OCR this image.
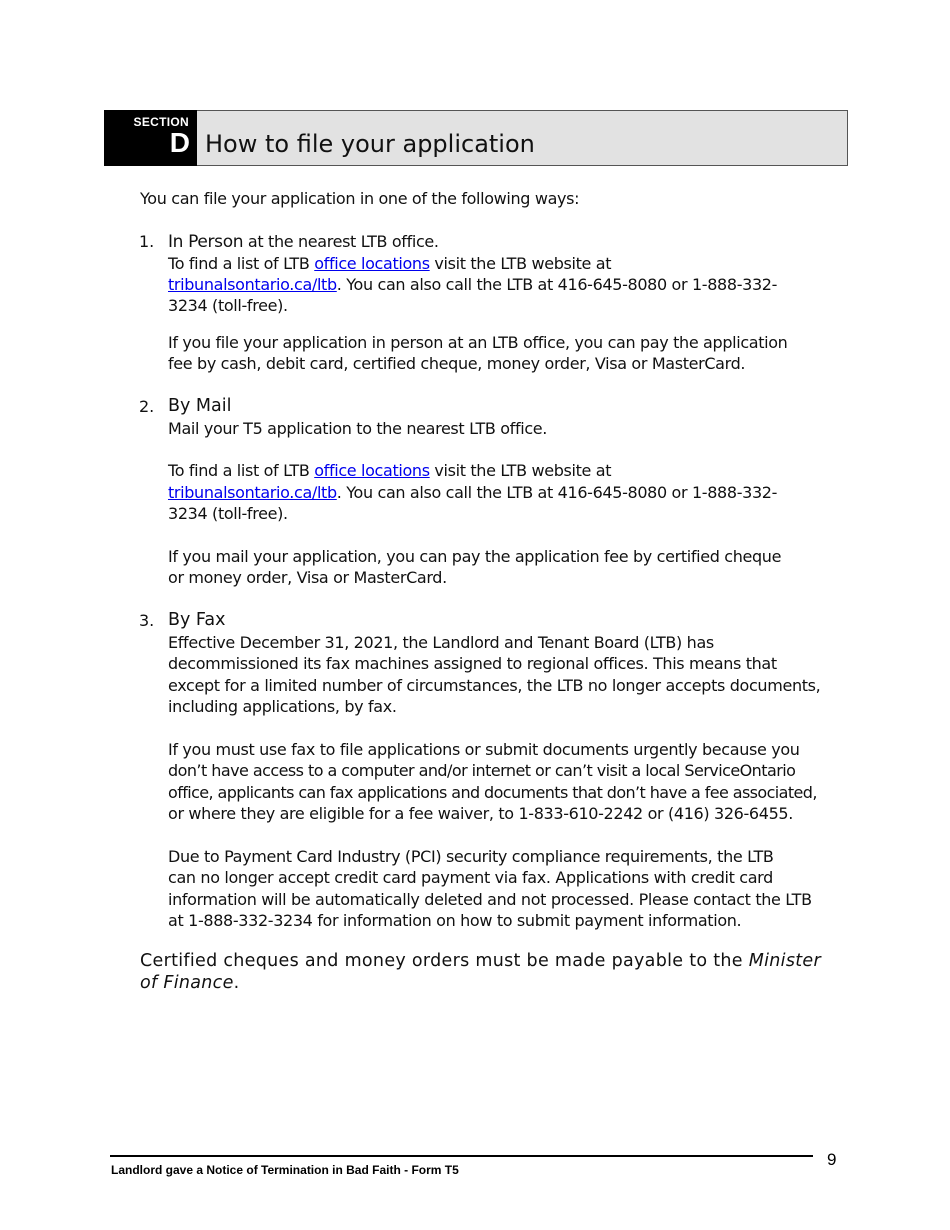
SECTION
D How to file your application
You can file your application in one of the following ways:
1. In Person at the nearest LTB office.
To find a list of LTB office locations visit the LTB website at
tribunalsontario.ca/ltb. You can also call the LTB at 416-645-8080 or 1-888-332-
3234 (toll-free).
If you file your application in person at an LTB office, you can pay the application
fee by cash, debit card, certified cheque, money order, Visa or MasterCard.
2. By Mail
Mail your T5 application to the nearest LTB office.
To find a list of LTB office locations visit the LTB website at
tribunalsontario.ca/ltb. You can also call the LTB at 416-645-8080 or 1-888-332-
3234 (toll-free).
If you mail your application, you can pay the application fee by certified cheque
or money order, Visa or MasterCard.
3. By Fax
Effective December 31, 2021, the Landlord and Tenant Board (LTB) has
decommissioned its fax machines assigned to regional offices. This means that
except for a limited number of circumstances, the LTB no longer accepts documents,
including applications, by fax.
If you must use fax to file applications or submit documents urgently because you
don’t have access to a computer and/or internet or can’t visit a local ServiceOntario
office, applicants can fax applications and documents that don’t have a fee associated,
or where they are eligible for a fee waiver, to 1-833-610-2242 or (416) 326-6455.
Due to Payment Card Industry (PCI) security compliance requirements, the LTB
can no longer accept credit card payment via fax. Applications with credit card
information will be automatically deleted and not processed. Please contact the LTB
at 1-888-332-3234 for information on how to submit payment information.
Certified cheques and money orders must be made payable to the Minister of Finance.
Landlord gave a Notice of Termination in Bad Faith - Form T5
9
